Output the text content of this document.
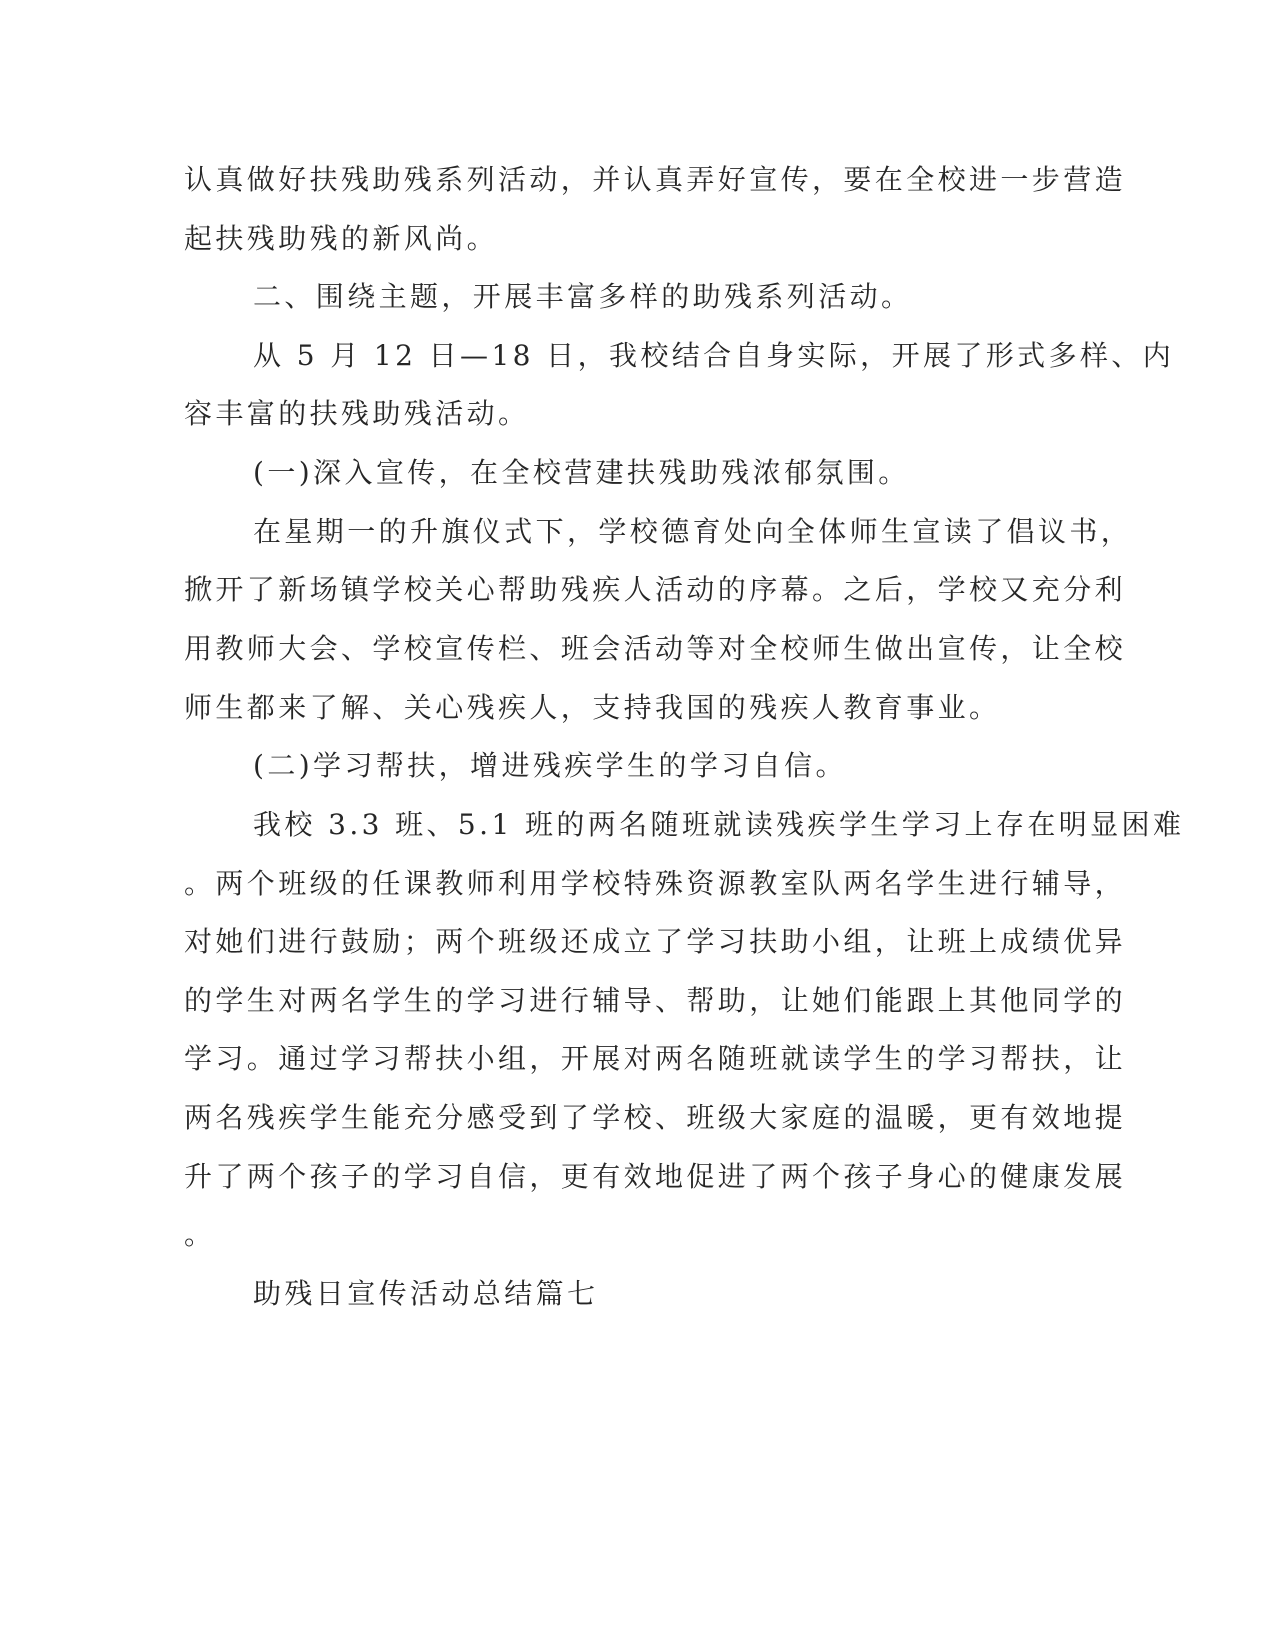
认真做好扶残助残系列活动，并认真弄好宣传，要在全校进一步营造
起扶残助残的新风尚。
二、围绕主题，开展丰富多样的助残系列活动。
从 5 月 12 日—18 日，我校结合自身实际，开展了形式多样、内
容丰富的扶残助残活动。
(一)深入宣传，在全校营建扶残助残浓郁氛围。
在星期一的升旗仪式下，学校德育处向全体师生宣读了倡议书，
掀开了新场镇学校关心帮助残疾人活动的序幕。之后，学校又充分利
用教师大会、学校宣传栏、班会活动等对全校师生做出宣传，让全校
师生都来了解、关心残疾人，支持我国的残疾人教育事业。
(二)学习帮扶，增进残疾学生的学习自信。
我校 3.3 班、5.1 班的两名随班就读残疾学生学习上存在明显困难
。两个班级的任课教师利用学校特殊资源教室队两名学生进行辅导，
对她们进行鼓励；两个班级还成立了学习扶助小组，让班上成绩优异
的学生对两名学生的学习进行辅导、帮助，让她们能跟上其他同学的
学习。通过学习帮扶小组，开展对两名随班就读学生的学习帮扶，让
两名残疾学生能充分感受到了学校、班级大家庭的温暖，更有效地提
升了两个孩子的学习自信，更有效地促进了两个孩子身心的健康发展
。
助残日宣传活动总结篇七
